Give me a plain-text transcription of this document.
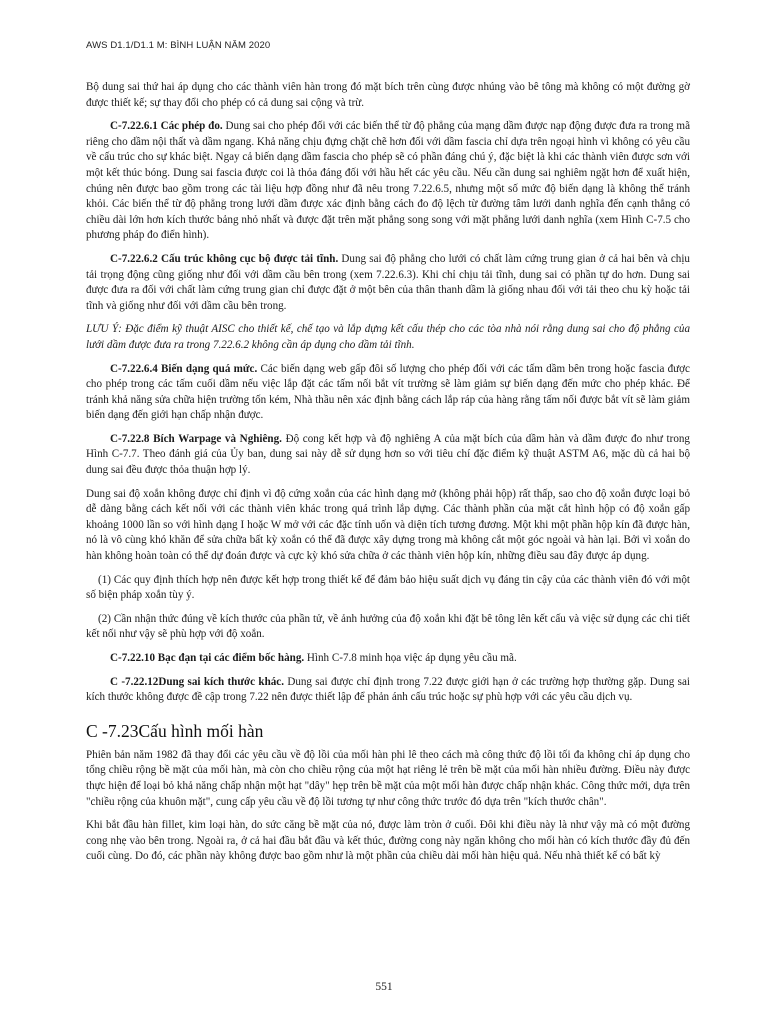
AWS D1.1/D1.1 M: BÌNH LUẬN NĂM 2020

Bộ dung sai thứ hai áp dụng cho các thành viên hàn trong đó mặt bích trên cùng được nhúng vào bê tông mà không có một đường gờ được thiết kế; sự thay đổi cho phép có cả dung sai cộng và trừ.

C-7.22.6.1 Các phép đo. Dung sai cho phép đối với các biến thể từ độ phẳng của mạng dầm được nạp động được đưa ra trong mã riêng cho dầm nội thất và dầm ngang. Khả năng chịu đựng chặt chẽ hơn đối với dầm fascia chỉ dựa trên ngoại hình vì không có yêu cầu về cấu trúc cho sự khác biệt. Ngay cả biến dạng dầm fascia cho phép sẽ có phần đáng chú ý, đặc biệt là khi các thành viên được sơn với một kết thúc bóng. Dung sai fascia được coi là thỏa đáng đối với hầu hết các yêu cầu. Nếu cần dung sai nghiêm ngặt hơn để xuất hiện, chúng nên được bao gồm trong các tài liệu hợp đồng như đã nêu trong 7.22.6.5, nhưng một số mức độ biến dạng là không thể tránh khỏi. Các biến thể từ độ phẳng trong lưới dầm được xác định bằng cách đo độ lệch từ đường tâm lưới danh nghĩa đến cạnh thẳng có chiều dài lớn hơn kích thước bảng nhỏ nhất và được đặt trên mặt phẳng song song với mặt phẳng lưới danh nghĩa (xem Hình C-7.5 cho phương pháp đo điển hình).

C-7.22.6.2 Cấu trúc không cục bộ được tải tĩnh. Dung sai độ phẳng cho lưới có chất làm cứng trung gian ở cả hai bên và chịu tải trọng động cũng giống như đối với dầm cầu bên trong (xem 7.22.6.3). Khi chỉ chịu tải tĩnh, dung sai có phần tự do hơn. Dung sai được đưa ra đối với chất làm cứng trung gian chỉ được đặt ở một bên của thân thanh dầm là giống nhau đối với tải theo chu kỳ hoặc tải tĩnh và giống như đối với dầm cầu bên trong.

LƯU Ý: Đặc điểm kỹ thuật AISC cho thiết kế, chế tạo và lắp dựng kết cấu thép cho các tòa nhà nói rằng dung sai cho độ phẳng của lưới dầm được đưa ra trong 7.22.6.2 không cần áp dụng cho dầm tải tĩnh.

C-7.22.6.4 Biến dạng quá mức. Các biến dạng web gấp đôi số lượng cho phép đối với các tấm dầm bên trong hoặc fascia được cho phép trong các tấm cuối dầm nếu việc lắp đặt các tấm nối bắt vít trường sẽ làm giảm sự biến dạng đến mức cho phép khác. Để tránh khả năng sửa chữa hiện trường tốn kém, Nhà thầu nên xác định bằng cách lắp ráp của hàng rằng tấm nối được bắt vít sẽ làm giảm biến dạng đến giới hạn chấp nhận được.

C-7.22.8 Bích Warpage và Nghiêng. Độ cong kết hợp và độ nghiêng A của mặt bích của dầm hàn và dầm được đo như trong Hình C-7.7. Theo đánh giá của Ủy ban, dung sai này dễ sử dụng hơn so với tiêu chí đặc điểm kỹ thuật ASTM A6, mặc dù cả hai bộ dung sai đều được thỏa thuận hợp lý.

Dung sai độ xoắn không được chỉ định vì độ cứng xoắn của các hình dạng mở (không phải hộp) rất thấp, sao cho độ xoắn được loại bỏ dễ dàng bằng cách kết nối với các thành viên khác trong quá trình lắp dựng. Các thành phần của mặt cắt hình hộp có độ xoắn gấp khoảng 1000 lần so với hình dạng I hoặc W mở với các đặc tính uốn và diện tích tương đương. Một khi một phần hộp kín đã được hàn, nó là vô cùng khó khăn để sửa chữa bất kỳ xoắn có thể đã được xây dựng trong mà không cắt một góc ngoài và hàn lại. Bởi vì xoắn do hàn không hoàn toàn có thể dự đoán được và cực kỳ khó sửa chữa ở các thành viên hộp kín, những điều sau đây được áp dụng.

(1) Các quy định thích hợp nên được kết hợp trong thiết kế để đảm bảo hiệu suất dịch vụ đáng tin cậy của các thành viên đó với một số biện pháp xoắn tùy ý.

(2) Cần nhận thức đúng về kích thước của phần tử, về ảnh hưởng của độ xoắn khi đặt bê tông lên kết cấu và việc sử dụng các chi tiết kết nối như vậy sẽ phù hợp với độ xoắn.

C-7.22.10 Bạc đạn tại các điểm bốc hàng. Hình C-7.8 minh họa việc áp dụng yêu cầu mã.

C -7.22.12Dung sai kích thước khác. Dung sai được chỉ định trong 7.22 được giới hạn ở các trường hợp thường gặp. Dung sai kích thước không được đề cập trong 7.22 nên được thiết lập để phản ánh cấu trúc hoặc sự phù hợp với các yêu cầu dịch vụ.

C -7.23Cấu hình mối hàn

Phiên bản năm 1982 đã thay đổi các yêu cầu về độ lồi của mối hàn phi lê theo cách mà công thức độ lồi tối đa không chỉ áp dụng cho tổng chiều rộng bề mặt của mối hàn, mà còn cho chiều rộng của một hạt riêng lẻ trên bề mặt của mối hàn nhiều đường. Điều này được thực hiện để loại bỏ khả năng chấp nhận một hạt "dây" hẹp trên bề mặt của một mối hàn được chấp nhận khác. Công thức mới, dựa trên "chiều rộng của khuôn mặt", cung cấp yêu cầu về độ lồi tương tự như công thức trước đó dựa trên "kích thước chân".

Khi bắt đầu hàn fillet, kim loại hàn, do sức căng bề mặt của nó, được làm tròn ở cuối. Đôi khi điều này là như vậy mà có một đường cong nhẹ vào bên trong. Ngoài ra, ở cả hai đầu bắt đầu và kết thúc, đường cong này ngăn không cho mối hàn có kích thước đầy đủ đến cuối cùng. Do đó, các phần này không được bao gồm như là một phần của chiều dài mối hàn hiệu quả. Nếu nhà thiết kế có bất kỳ

551
